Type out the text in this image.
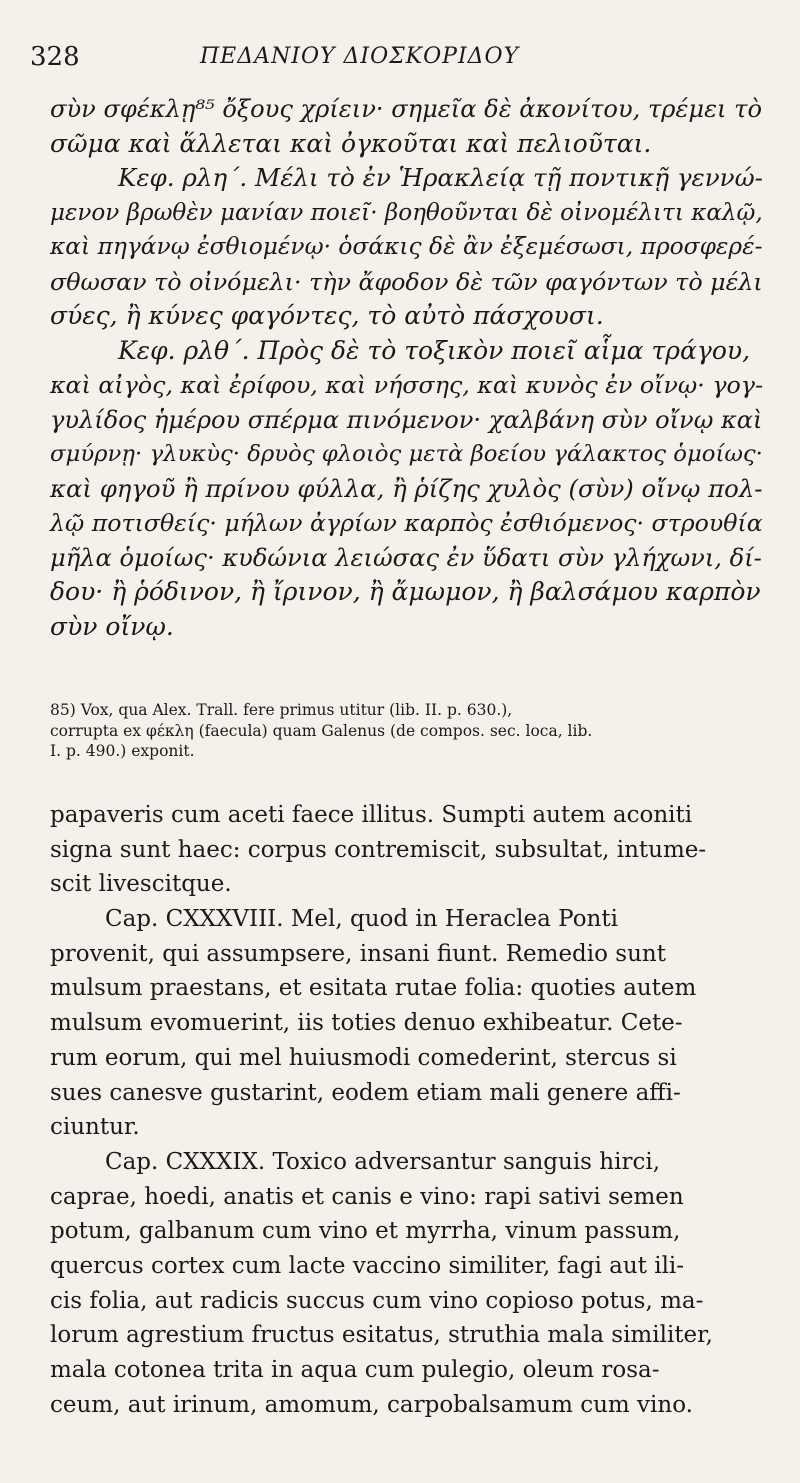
328	ΠΕΔΑΝΙΟΥ ΔΙΟΣΚΟΡΙΔΟΥ
σὺν σφέκλῃ⁸⁵ ὄξους χρίειν· σημεῖα δὲ ἀκονίτου, τρέμει τὸ
σῶμα καὶ ἅλλεται καὶ ὀγκοῦται καὶ πελιοῦται.
Κεφ. ρλη΄. Μέλι τὸ ἐν Ἡρακλείᾳ τῇ ποντικῇ γεννώ-
μενον βρωθὲν μανίαν ποιεῖ· βοηθοῦνται δὲ οἰνομέλιτι καλῷ,
καὶ πηγάνῳ ἐσθιομένῳ· ὁσάκις δὲ ἂν ἐξεμέσωσι, προσφερέ-
σθωσαν τὸ οἰνόμελι· τὴν ἄφοδον δὲ τῶν φαγόντων τὸ μέλι
σύες, ἢ κύνες φαγόντες, τὸ αὐτὸ πάσχουσι.
Κεφ. ρλθ΄. Πρὸς δὲ τὸ τοξικὸν ποιεῖ αἷμα τράγου,
καὶ αἰγὸς, καὶ ἐρίφου, καὶ νήσσης, καὶ κυνὸς ἐν οἴνῳ· γογ-
γυλίδος ἡμέρου σπέρμα πινόμενον· χαλβάνη σὺν οἴνῳ καὶ
σμύρνῃ· γλυκὺς· δρυὸς φλοιὸς μετὰ βοείου γάλακτος ὁμοίως·
καὶ φηγοῦ ἢ πρίνου φύλλα, ἢ ῥίζης χυλὸς (σὺν) οἴνῳ πολ-
λῷ ποτισθείς· μήλων ἀγρίων καρπὸς ἐσθιόμενος· στρουθία
μῆλα ὁμοίως· κυδώνια λειώσας ἐν ὕδατι σὺν γλήχωνι, δί-
δου· ἢ ῥόδινον, ἢ ἴρινον, ἢ ἄμωμον, ἢ βαλσάμου καρπὸν
σὺν οἴνῳ.
85) Vox, qua Alex. Trall. fere primus utitur (lib. II. p. 630.),
corrupta ex φέκλη (faecula) quam Galenus (de compos. sec. loca, lib.
I. p. 490.) exponit.
papaveris cum aceti faece illitus. Sumpti autem aconiti
signa sunt haec: corpus contremiscit, subsultat, intume-
scit livescitque.
Cap. CXXXVIII. Mel, quod in Heraclea Ponti
provenit, qui assumpsere, insani fiunt. Remedio sunt
mulsum praestans, et esitata rutae folia: quoties autem
mulsum evomuerint, iis toties denuo exhibeatur. Cete-
rum eorum, qui mel huiusmodi comederint, stercus si
sues canesve gustarint, eodem etiam mali genere affi-
ciuntur.
Cap. CXXXIX. Toxico adversantur sanguis hirci,
caprae, hoedi, anatis et canis e vino: rapi sativi semen
potum, galbanum cum vino et myrrha, vinum passum,
quercus cortex cum lacte vaccino similiter, fagi aut ili-
cis folia, aut radicis succus cum vino copioso potus, ma-
lorum agrestium fructus esitatus, struthia mala similiter,
mala cotonea trita in aqua cum pulegio, oleum rosa-
ceum, aut irinum, amomum, carpobalsamum cum vino.
